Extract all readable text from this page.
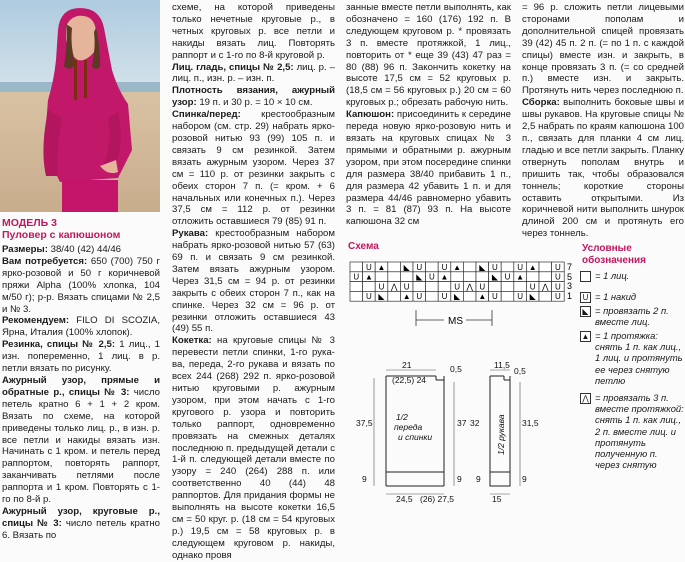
МОДЕЛЬ 3
Пуловер с капюшоном

Размеры: 38/40 (42) 44/46

Вам потребуется: 650 (700) 750 г ярко-розовой и 50 г коричневой пряжи Alpha (100% хлопка, 104 м/50 г); р-р. Вязать спицами № 2,5 и № 3.

Рекомендуем: FILO DI SCOZIA, Ярна, Италия (100% хлопок).

Резинка, спицы № 2,5: 1 лиц., 1 изн. попеременно, 1 лиц. в р. петли вязать по рисунку.

Ажурный узор, прямые и обратные р., спицы № 3: число петель кратно 6 + 1 + 2 кром. Вязать по схеме, на которой приведены только лиц. р., в изн. р. все петли и накиды вязать изн. Начинать с 1 кром. и петель перед раппортом, повторять раппорт, заканчивать петлями после раппорта и 1 кром. Повторять с 1-го по 8-й р.

Ажурный узор, круговые р., спицы № 3: число петель кратно 6. Вязать по

схеме, на которой приведены только нечетные круговые р., в четных круговых р. все петли и накиды вязать лиц. Повторять раппорт и с 1-го по 8-й круговой р.

Лиц. гладь, спицы № 2,5: лиц. р. – лиц. п., изн. р. – изн. п.

Плотность вязания, ажурный узор: 19 п. и 30 р. = 10 × 10 см.

Спинка/перед: крестообразным набором (см. стр. 29) набрать ярко-розовой нитью 93 (99) 105 п. и связать 9 см резинкой. Затем вязать ажурным узором. Через 37 см = 110 р. от резинки закрыть с обеих сторон 7 п. (= кром. + 6 начальных или конечных п.). Через 37,5 см = 112 р. от резинки отложить оставшиеся 79 (85) 91 п.

Рукава: крестообразным набором набрать ярко-розовой нитью 57 (63) 69 п. и связать 9 см резинкой. Затем вязать ажурным узором. Через 31,5 см = 94 р. от резинки закрыть с обеих сторон 7 п., как на спинке. Через 32 см = 96 р. от резинки отложить оставшиеся 43 (49) 55 п.

Кокетка: на круговые спицы № 3 перевести петли спинки, 1-го рукава, переда, 2-го рукава и вязать по всех 244 (268) 292 п. ярко-розовой нитью круговыми р. ажурным узором, при этом начать с 1-го кругового р. узора и повторить только раппорт, одновременно провязать на смежных деталях последнюю п. предыдущей детали с 1-й п. следующей детали вместе по узору = 240 (264) 288 п. или соответственно 40 (44) 48 раппортов. Для придания формы не выполнять на высоте кокетки 16,5 см = 50 круг. р. (18 см = 54 круговых р.) 19,5 см = 58 круговых р. в следующем круговом р. накиды, однако провя

занные вместе петли выполнять, как обозначено = 160 (176) 192 п. В следующем круговом р. * провязать 3 п. вместе протяжкой, 1 лиц., повторить от * еще 39 (43) 47 раз = 80 (88) 96 п. Закончить кокетку на высоте 17,5 см = 52 круговых р. (18,5 см = 56 круговых р.) 20 см = 60 круговых р.; обрезать рабочую нить.

Капюшон: присоединить к середине переда новую ярко-розовую нить и вязать на круговых спицах № 3 прямыми и обратными р. ажурным узором, при этом посередине спинки для размера 38/40 прибавить 1 п., для размера 42 убавить 1 п. и для размера 44/46 равномерно убавить 3 п. = 81 (87) 93 п. На высоте капюшона 32 см

= 96 р. сложить петли лицевыми сторонами пополам и дополнительной спицей провязать 39 (42) 45 п. 2 п. (= по 1 п. с каждой спицы) вместе изн. и закрыть, в конце провязать 3 п. (= со средней п.) вместе изн. и закрыть. Протянуть нить через последнюю п.

Сборка: выполнить боковые швы и швы рукавов. На круговые спицы № 2,5 набрать по краям капюшона 100 п., связать для планки 4 см лиц. гладью и все петли закрыть. Планку отвернуть пополам внутрь и пришить так, чтобы образовался тоннель; короткие стороны оставить открытыми. Из коричневой нити выполнить шнурок длиной 200 см и протянуть его через тоннель.

Схема
U ▲ ◣ U U ▲ ◣ U U ▲ U
U ▲	◣ U ▲	◣ U ▲	U
U ⋀ U	U ⋀ U	U ⋀ U
U ◣ ▲ U U ◣ ▲ U U ◣ U
7
5
3
1
MS
Условные обозначения
= 1 лиц.
U = 1 накид
◣ = провязать 2 п. вместе лиц.
▲ = 1 протяжка: снять 1 п. как лиц., 1 лиц. и протянуть ее через снятую петлю
⋀ = провязать 3 п. вместе протяжкой: снять 1 п. как лиц., 2 п. вместе лиц. и протянуть полученную п. через снятую
21
(22,5) 24
0,5
1/2
переда
и спинки
37,5	37
9	9
24,5 (26) 27,5
11,5
0,5
32	31,5
9
9
15
1/2 рукава
